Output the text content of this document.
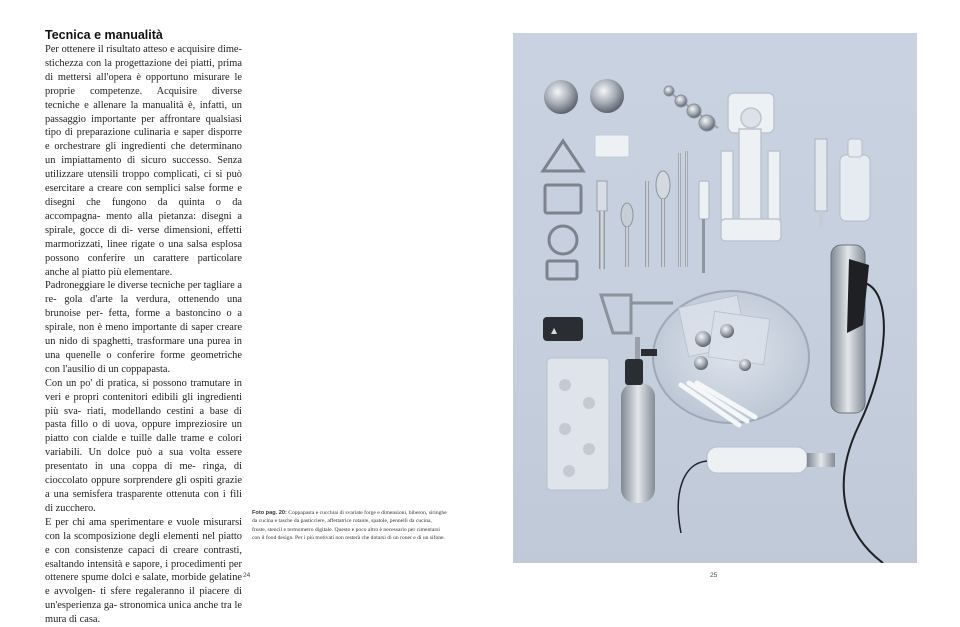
Tecnica e manualità

Per ottenere il risultato atteso e acquisire dime- stichezza con la progettazione dei piatti, prima di mettersi all'opera è opportuno misurare le proprie competenze. Acquisire diverse tecniche e allenare la manualità è, infatti, un passaggio importante per affrontare qualsiasi tipo di preparazione culinaria e saper disporre e orchestrare gli ingredienti che determinano un impiattamento di sicuro successo. Senza utilizzare utensili troppo complicati, ci si può esercitare a creare con semplici salse forme e disegni che fungono da quinta o da accompagna- mento alla pietanza: disegni a spirale, gocce di di- verse dimensioni, effetti marmorizzati, linee rigate o una salsa esplosa possono conferire un carattere particolare anche al piatto più elementare.

Padroneggiare le diverse tecniche per tagliare a re- gola d'arte la verdura, ottenendo una brunoise per- fetta, forme a bastoncino o a spirale, non è meno importante di saper creare un nido di spaghetti, trasformare una purea in una quenelle o conferire forme geometriche con l'ausilio di un coppapasta.

Con un po' di pratica, si possono tramutare in veri e propri contenitori edibili gli ingredienti più sva- riati, modellando cestini a base di pasta fillo o di uova, oppure impreziosire un piatto con cialde e tuille dalle trame e colori variabili. Un dolce può a sua volta essere presentato in una coppa di me- ringa, di cioccolato oppure sorprendere gli ospiti grazie a una semisfera trasparente ottenuta con i fili di zucchero.

E per chi ama sperimentare e vuole misurarsi con la scomposizione degli elementi nel piatto e con consistenze capaci di creare contrasti, esaltando intensità e sapore, i procedimenti per ottenere spume dolci e salate, morbide gelatine e avvolgen- ti sfere regaleranno il piacere di un'esperienza ga- stronomica unica anche tra le mura di casa.

Foto pag. 20: Coppapasta e cucchiai di svariate forge e dimensioni, biberon, siringhe da cucina e tasche da pasticciere, affettatrice rotante, spatole, pennelli da cucina, fruste, stencil e termometro digitale. Questo e poco altro è necessario per cimentarsi con il food design. Per i più motivati non resterà che dotarsi di un roner e di un sifone.
24
▲
25
